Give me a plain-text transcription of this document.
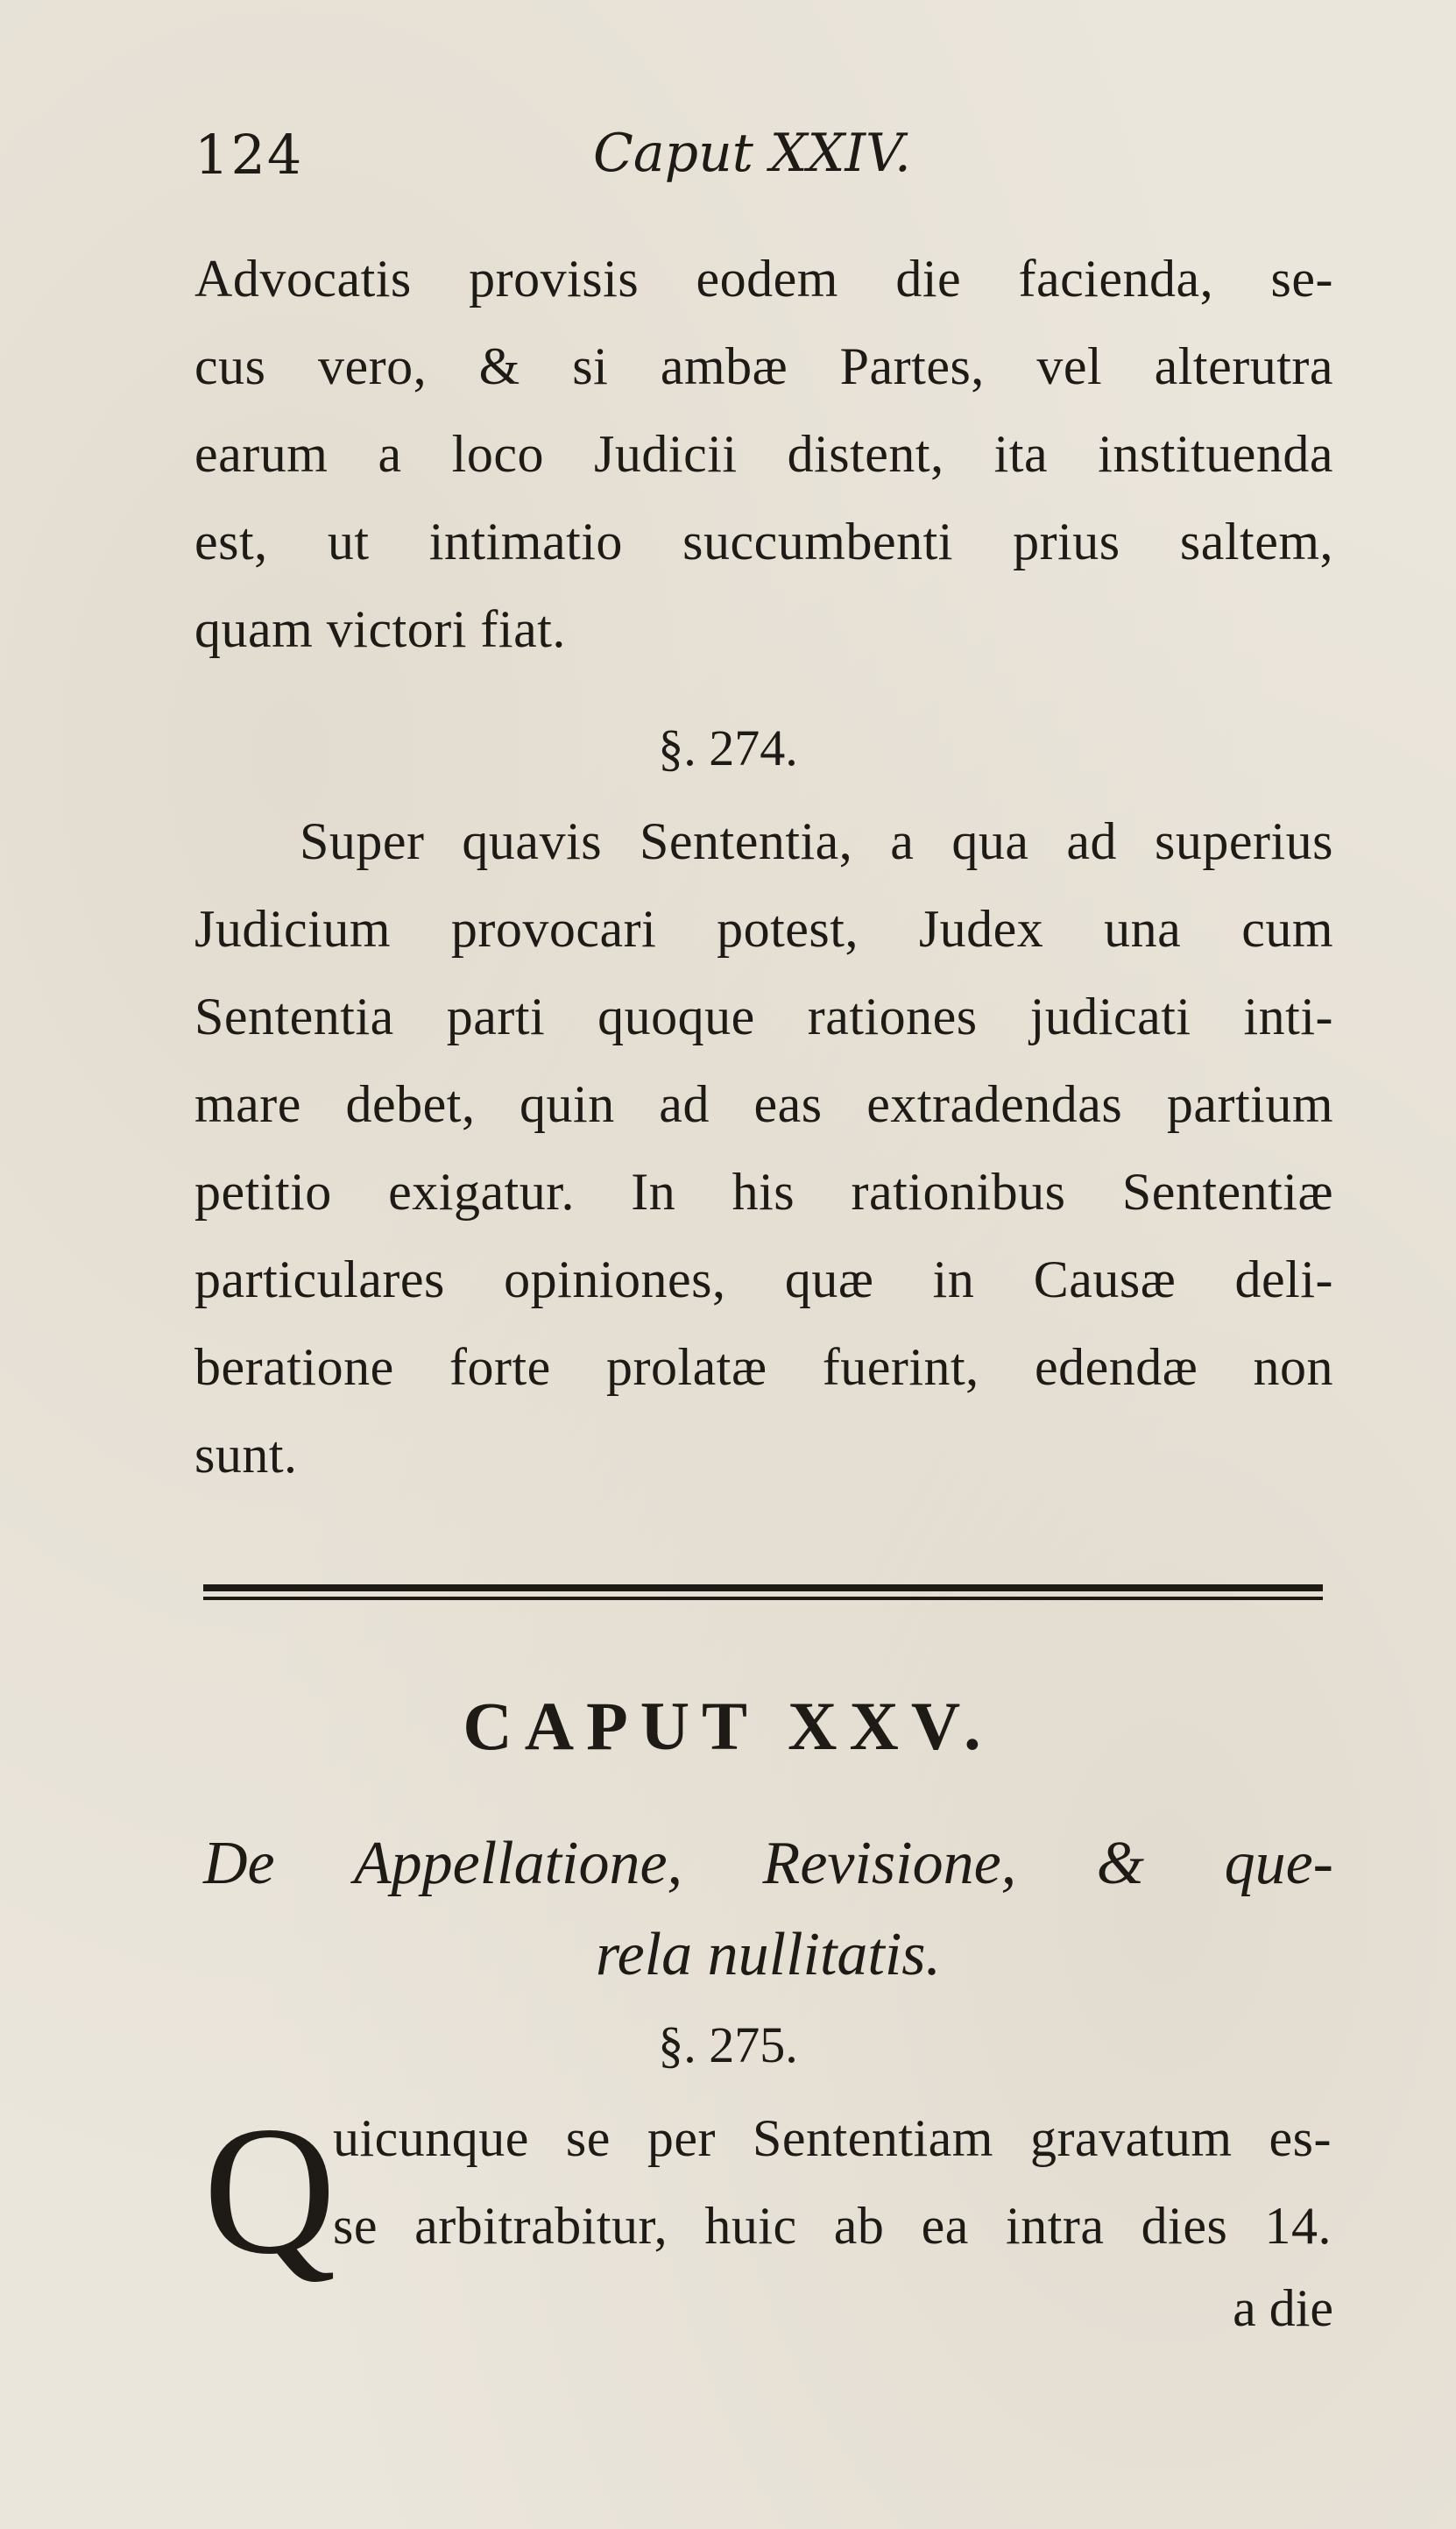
124	Caput XXIV.
Advocatis provisis eodem die facienda, se-
cus vero, & si ambæ Partes, vel alterutra
earum a loco Judicii distent, ita instituenda
est, ut intimatio succumbenti prius saltem,
quam victori fiat.
§. 274.
Super quavis Sententia, a qua ad superius
Judicium provocari potest, Judex una cum
Sententia parti quoque rationes judicati inti-
mare debet, quin ad eas extradendas partium
petitio exigatur. In his rationibus Sententiæ
particulares opiniones, quæ in Causæ deli-
beratione forte prolatæ fuerint, edendæ non
sunt.
CAPUT XXV.
De Appellatione, Revisione, & que-
rela nullitatis.
§. 275.
Q
uicunque se per Sententiam gravatum es-
se arbitrabitur, huic ab ea intra dies 14.
a die
